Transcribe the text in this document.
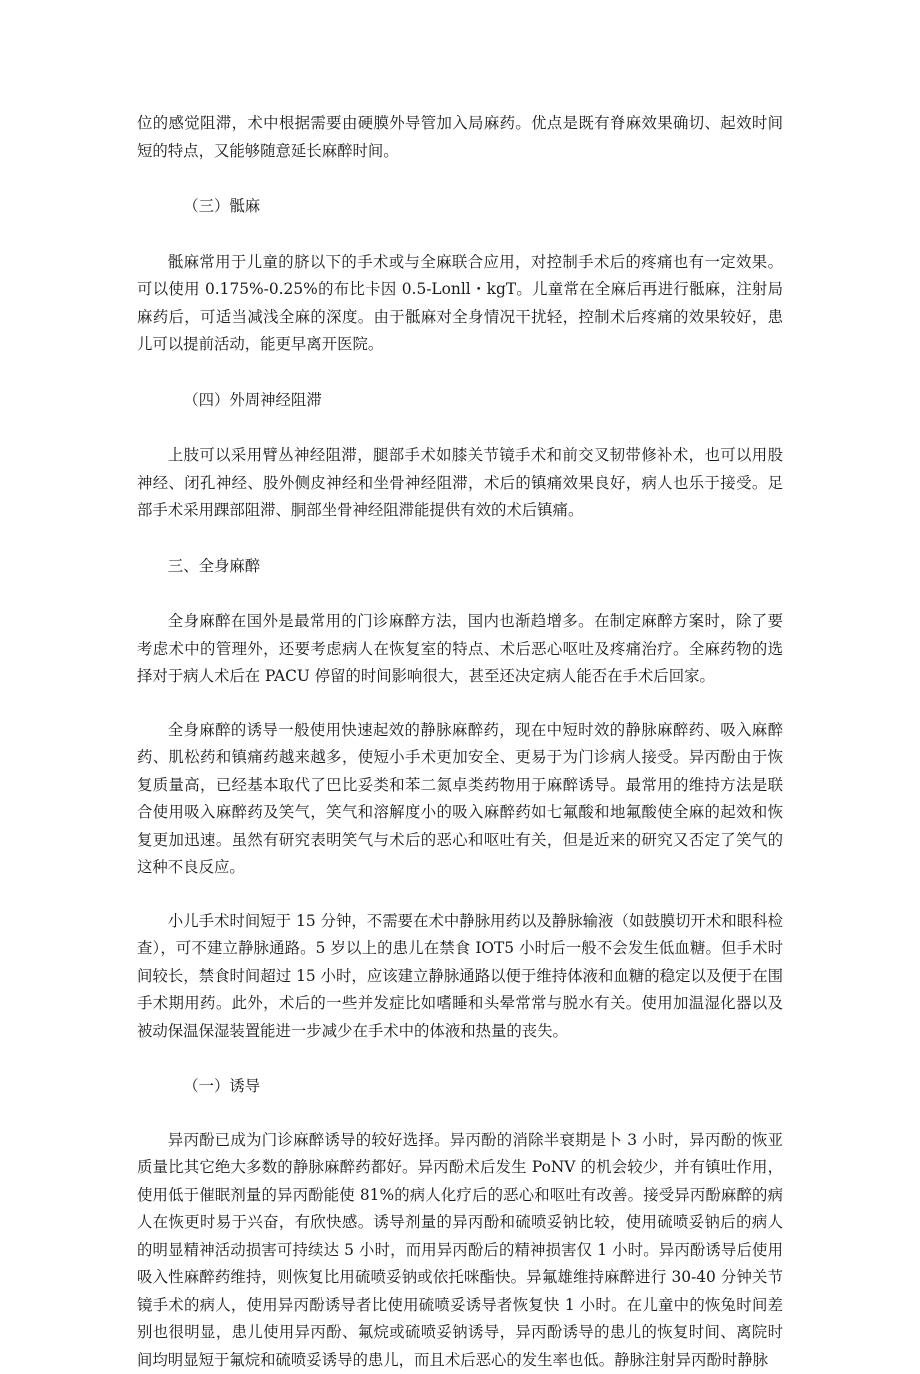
位的感觉阻滞，术中根据需要由硬膜外导管加入局麻药。优点是既有脊麻效果确切、起效时间短的特点，又能够随意延长麻醉时间。

（三）骶麻

骶麻常用于儿童的脐以下的手术或与全麻联合应用，对控制手术后的疼痛也有一定效果。可以使用 0.175%-0.25%的布比卡因 0.5-Lonll・kgT。儿童常在全麻后再进行骶麻，注射局麻药后，可适当减浅全麻的深度。由于骶麻对全身情况干扰轻，控制术后疼痛的效果较好，患儿可以提前活动，能更早离开医院。

（四）外周神经阻滞

上肢可以采用臂丛神经阻滞，腿部手术如膝关节镜手术和前交叉韧带修补术，也可以用股神经、闭孔神经、股外侧皮神经和坐骨神经阻滞，术后的镇痛效果良好，病人也乐于接受。足部手术采用踝部阻滞、胴部坐骨神经阻滞能提供有效的术后镇痛。

三、全身麻醉

全身麻醉在国外是最常用的门诊麻醉方法，国内也渐趋增多。在制定麻醉方案时，除了要考虑术中的管理外，还要考虑病人在恢复室的特点、术后恶心呕吐及疼痛治疗。全麻药物的选择对于病人术后在 PACU 停留的时间影响很大，甚至还决定病人能否在手术后回家。

全身麻醉的诱导一般使用快速起效的静脉麻醉药，现在中短时效的静脉麻醉药、吸入麻醉药、肌松药和镇痛药越来越多，使短小手术更加安全、更易于为门诊病人接受。异丙酚由于恢复质量高，已经基本取代了巴比妥类和苯二氮卓类药物用于麻醉诱导。最常用的维持方法是联合使用吸入麻醉药及笑气，笑气和溶解度小的吸入麻醉药如七氟酸和地氟酸使全麻的起效和恢复更加迅速。虽然有研究表明笑气与术后的恶心和呕吐有关，但是近来的研究又否定了笑气的这种不良反应。

小儿手术时间短于 15 分钟，不需要在术中静脉用药以及静脉输液（如鼓膜切开术和眼科检查），可不建立静脉通路。5 岁以上的患儿在禁食 IOT5 小时后一般不会发生低血糖。但手术时间较长，禁食时间超过 15 小时，应该建立静脉通路以便于维持体液和血糖的稳定以及便于在围手术期用药。此外，术后的一些并发症比如嗜睡和头晕常常与脱水有关。使用加温湿化器以及被动保温保湿装置能进一步减少在手术中的体液和热量的丧失。

（一）诱导

异丙酚已成为门诊麻醉诱导的较好选择。异丙酚的消除半衰期是卜 3 小时，异丙酚的恢亚质量比其它绝大多数的静脉麻醉药都好。异丙酚术后发生 PoNV 的机会较少，并有镇吐作用，使用低于催眠剂量的异丙酚能使 81%的病人化疗后的恶心和呕吐有改善。接受异丙酚麻醉的病人在恢更时易于兴奋，有欣快感。诱导剂量的异丙酚和硫喷妥钠比较，使用硫喷妥钠后的病人的明显精神活动损害可持续达 5 小时，而用异丙酚后的精神损害仅 1 小时。异丙酚诱导后使用吸入性麻醉药维持，则恢复比用硫喷妥钠或依托咪酯快。异氟雄维持麻醉进行 30-40 分钟关节镜手术的病人，使用异丙酚诱导者比使用硫喷妥诱导者恢复快 1 小时。在儿童中的恢兔时间差别也很明显，患儿使用异丙酚、氟烷或硫喷妥钠诱导，异丙酚诱导的患儿的恢复时间、离院时间均明显短于氟烷和硫喷妥诱导的患儿，而且术后恶心的发生率也低。静脉注射异丙酚时静脉
